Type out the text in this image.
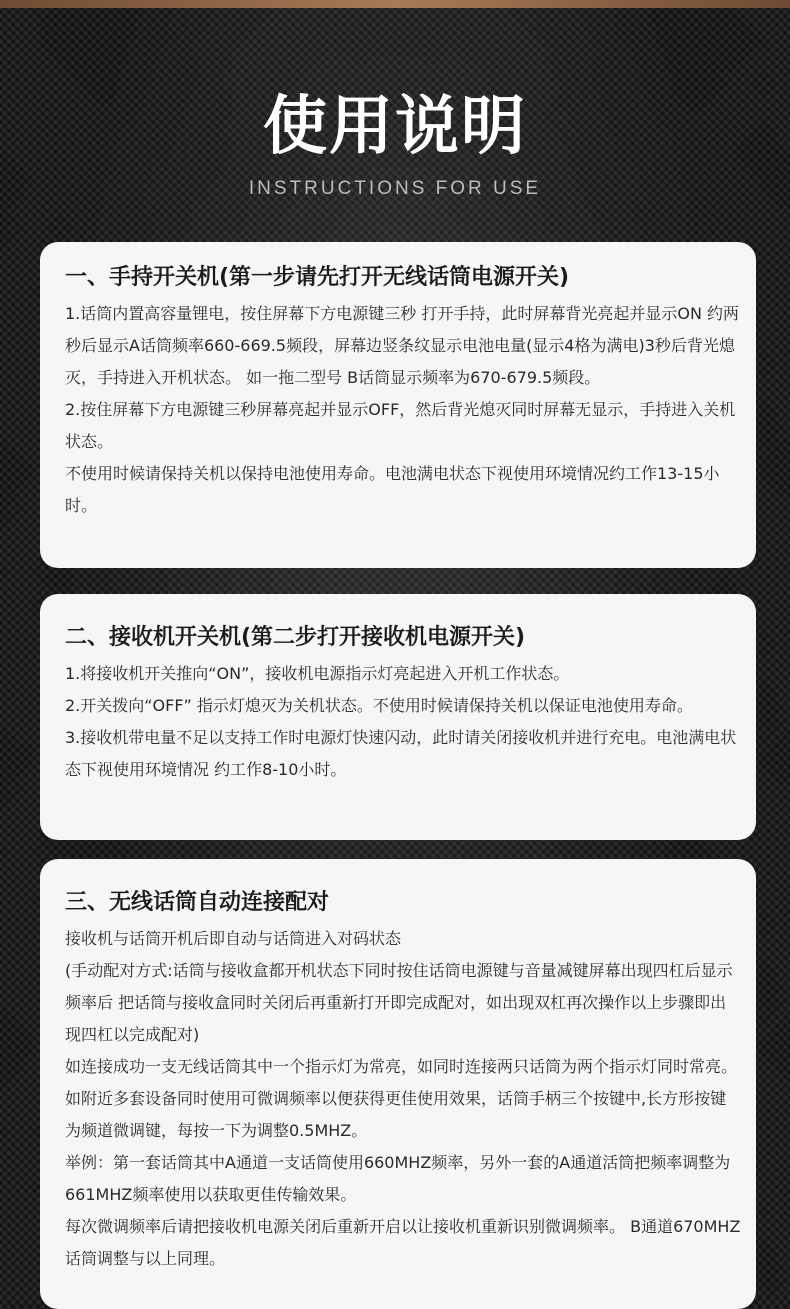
使用说明
INSTRUCTIONS FOR USE
一、手持开关机(第一步请先打开无线话筒电源开关)

1.话筒内置高容量锂电，按住屏幕下方电源键三秒 打开手持，此时屏幕背光亮起并显示ON 约两秒后显示A话筒频率660-669.5频段，屏幕边竖条纹显示电池电量(显示4格为满电)3秒后背光熄灭，手持进入开机状态。 如一拖二型号 B话筒显示频率为670-679.5频段。

2.按住屏幕下方电源键三秒屏幕亮起并显示OFF，然后背光熄灭同时屏幕无显示，手持进入关机状态。

不使用时候请保持关机以保持电池使用寿命。电池满电状态下视使用环境情况约工作13-15小时。

二、接收机开关机(第二步打开接收机电源开关)

1.将接收机开关推向“ON”，接收机电源指示灯亮起进入开机工作状态。

2.开关拨向“OFF” 指示灯熄灭为关机状态。不使用时候请保持关机以保证电池使用寿命。

3.接收机带电量不足以支持工作时电源灯快速闪动，此时请关闭接收机并进行充电。电池满电状态下视使用环境情况 约工作8-10小时。

三、无线话筒自动连接配对

接收机与话筒开机后即自动与话筒进入对码状态

(手动配对方式:话筒与接收盒都开机状态下同时按住话筒电源键与音量减键屏幕出现四杠后显示频率后 把话筒与接收盒同时关闭后再重新打开即完成配对，如出现双杠再次操作以上步骤即出现四杠以完成配对)

如连接成功一支无线话筒其中一个指示灯为常亮，如同时连接两只话筒为两个指示灯同时常亮。如附近多套设备同时使用可微调频率以便获得更佳使用效果，话筒手柄三个按键中,长方形按键为频道微调键，每按一下为调整0.5MHZ。

举例：第一套话筒其中A通道一支话筒使用660MHZ频率，另外一套的A通道活筒把频率调整为661MHZ频率使用以获取更佳传输效果。

每次微调频率后请把接收机电源关闭后重新开启以让接收机重新识别微调频率。 B通道670MHZ话筒调整与以上同理。
